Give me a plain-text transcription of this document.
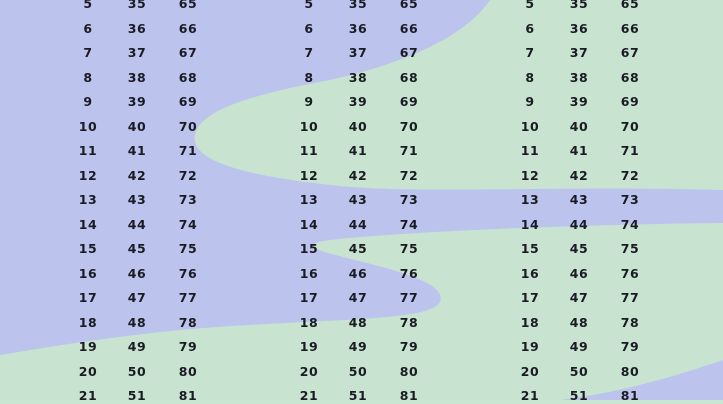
5
6
7
8
9
10
11
12
13
14
15
16
17
18
19
20
21
35
36
37
38
39
40
41
42
43
44
45
46
47
48
49
50
51
65
66
67
68
69
70
71
72
73
74
75
76
77
78
79
80
81
5
6
7
8
9
10
11
12
13
14
15
16
17
18
19
20
21
35
36
37
38
39
40
41
42
43
44
45
46
47
48
49
50
51
65
66
67
68
69
70
71
72
73
74
75
76
77
78
79
80
81
5
6
7
8
9
10
11
12
13
14
15
16
17
18
19
20
21
35
36
37
38
39
40
41
42
43
44
45
46
47
48
49
50
51
65
66
67
68
69
70
71
72
73
74
75
76
77
78
79
80
81
